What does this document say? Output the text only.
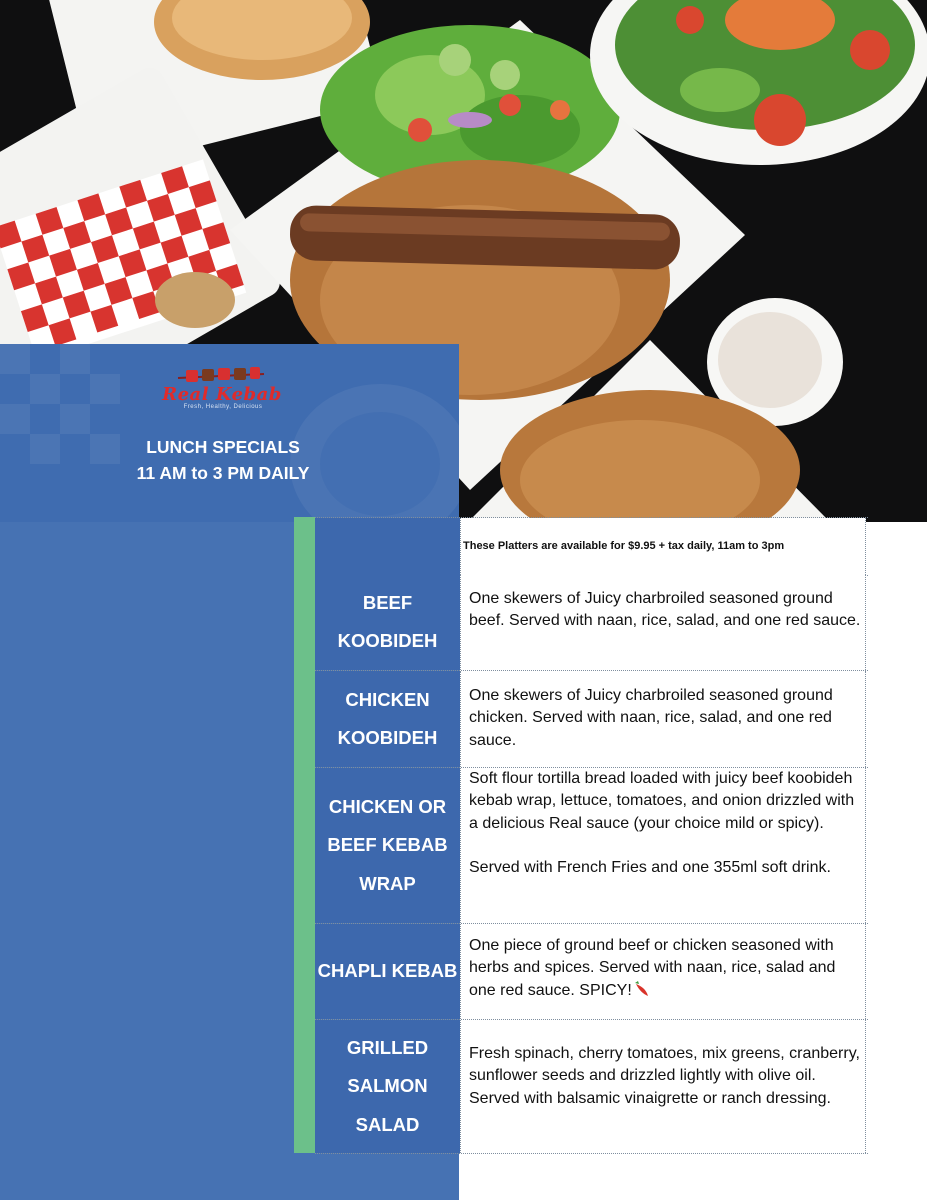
Real Kebab
Fresh, Healthy, Delicious
LUNCH SPECIALS
11 AM to 3 PM DAILY
These Platters are available for $9.95 + tax daily, 11am to 3pm
BEEF KOOBIDEH
One skewers of Juicy charbroiled seasoned ground beef. Served with naan, rice, salad, and one red sauce.
CHICKEN KOOBIDEH
One skewers of Juicy charbroiled seasoned ground chicken. Served with naan, rice, salad, and one red sauce.
CHICKEN OR BEEF KEBAB WRAP
Soft flour tortilla bread loaded with juicy beef koobideh kebab wrap, lettuce, tomatoes, and onion drizzled with a delicious Real sauce (your choice mild or spicy).

Served with French Fries and one 355ml soft drink.
CHAPLI KEBAB
One piece of ground beef or chicken seasoned with herbs and spices. Served with naan, rice, salad and one red sauce. SPICY!
GRILLED SALMON SALAD
Fresh spinach, cherry tomatoes, mix greens, cranberry, sunflower seeds and drizzled lightly with olive oil. Served with balsamic vinaigrette or ranch dressing.
